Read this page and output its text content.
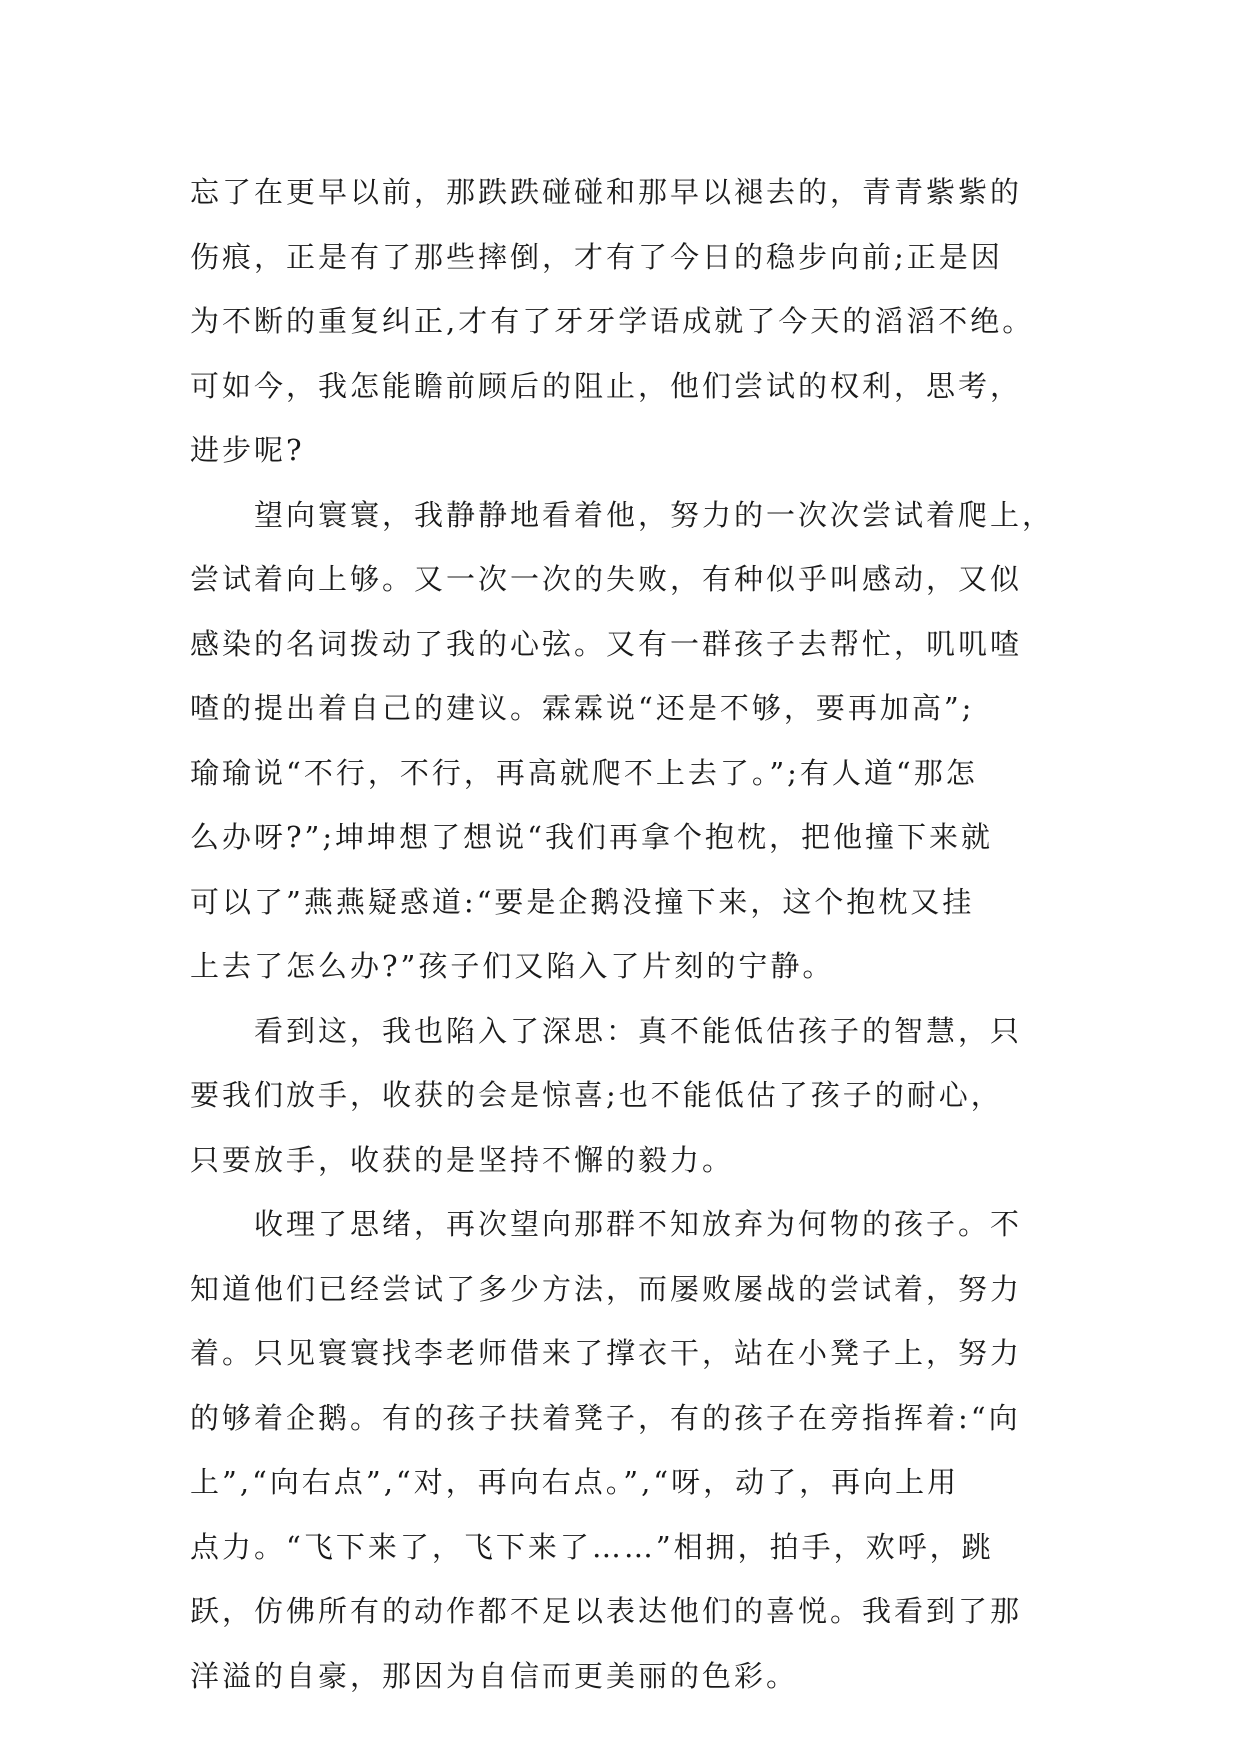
忘了在更早以前，那跌跌碰碰和那早以褪去的，青青紫紫的

伤痕，正是有了那些摔倒，才有了今日的稳步向前;正是因

为不断的重复纠正,才有了牙牙学语成就了今天的滔滔不绝。

可如今，我怎能瞻前顾后的阻止，他们尝试的权利，思考，

进步呢?

　　望向寰寰，我静静地看着他，努力的一次次尝试着爬上，

尝试着向上够。又一次一次的失败，有种似乎叫感动，又似

感染的名词拨动了我的心弦。又有一群孩子去帮忙，叽叽喳

喳的提出着自己的建议。霖霖说“还是不够，要再加高”;

瑜瑜说“不行，不行，再高就爬不上去了。”;有人道“那怎

么办呀?”;坤坤想了想说“我们再拿个抱枕，把他撞下来就

可以了”燕燕疑惑道:“要是企鹅没撞下来，这个抱枕又挂

上去了怎么办?”孩子们又陷入了片刻的宁静。

　　看到这，我也陷入了深思：真不能低估孩子的智慧，只

要我们放手，收获的会是惊喜;也不能低估了孩子的耐心，

只要放手，收获的是坚持不懈的毅力。

　　收理了思绪，再次望向那群不知放弃为何物的孩子。不

知道他们已经尝试了多少方法，而屡败屡战的尝试着，努力

着。只见寰寰找李老师借来了撑衣干，站在小凳子上，努力

的够着企鹅。有的孩子扶着凳子，有的孩子在旁指挥着:“向

上”,“向右点”,“对，再向右点。”,“呀，动了，再向上用

点力。“飞下来了，飞下来了……”相拥，拍手，欢呼，跳

跃，仿佛所有的动作都不足以表达他们的喜悦。我看到了那

洋溢的自豪，那因为自信而更美丽的色彩。
